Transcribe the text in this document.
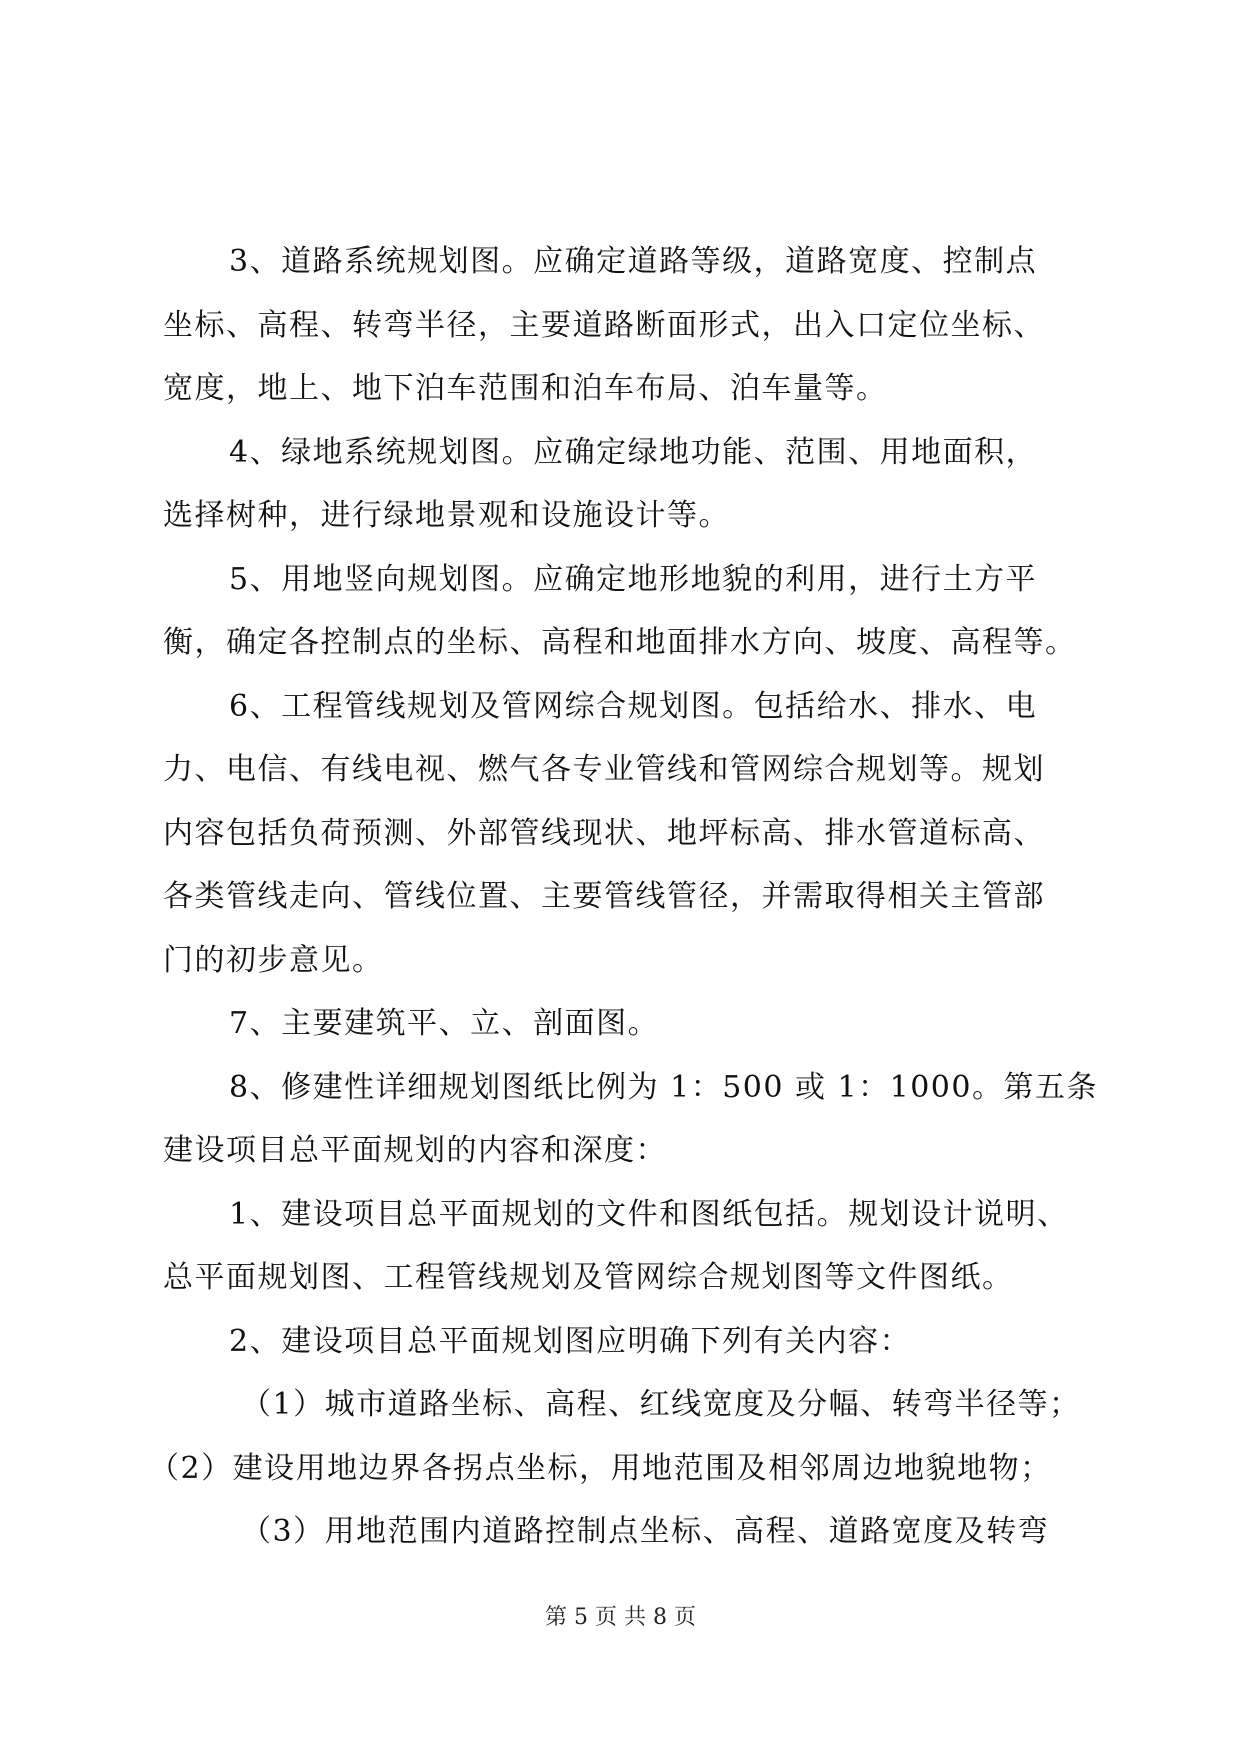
3、道路系统规划图。应确定道路等级，道路宽度、控制点
坐标、高程、转弯半径，主要道路断面形式，出入口定位坐标、
宽度，地上、地下泊车范围和泊车布局、泊车量等。
4、绿地系统规划图。应确定绿地功能、范围、用地面积，
选择树种，进行绿地景观和设施设计等。
5、用地竖向规划图。应确定地形地貌的利用，进行土方平
衡，确定各控制点的坐标、高程和地面排水方向、坡度、高程等。
6、工程管线规划及管网综合规划图。包括给水、排水、电
力、电信、有线电视、燃气各专业管线和管网综合规划等。规划
内容包括负荷预测、外部管线现状、地坪标高、排水管道标高、
各类管线走向、管线位置、主要管线管径，并需取得相关主管部
门的初步意见。
7、主要建筑平、立、剖面图。
8、修建性详细规划图纸比例为 1：500 或 1：1000。第五条
建设项目总平面规划的内容和深度：
1、建设项目总平面规划的文件和图纸包括。规划设计说明、
总平面规划图、工程管线规划及管网综合规划图等文件图纸。
2、建设项目总平面规划图应明确下列有关内容：
（1）城市道路坐标、高程、红线宽度及分幅、转弯半径等；
（2）建设用地边界各拐点坐标，用地范围及相邻周边地貌地物；
（3）用地范围内道路控制点坐标、高程、道路宽度及转弯
第 5 页 共 8 页
